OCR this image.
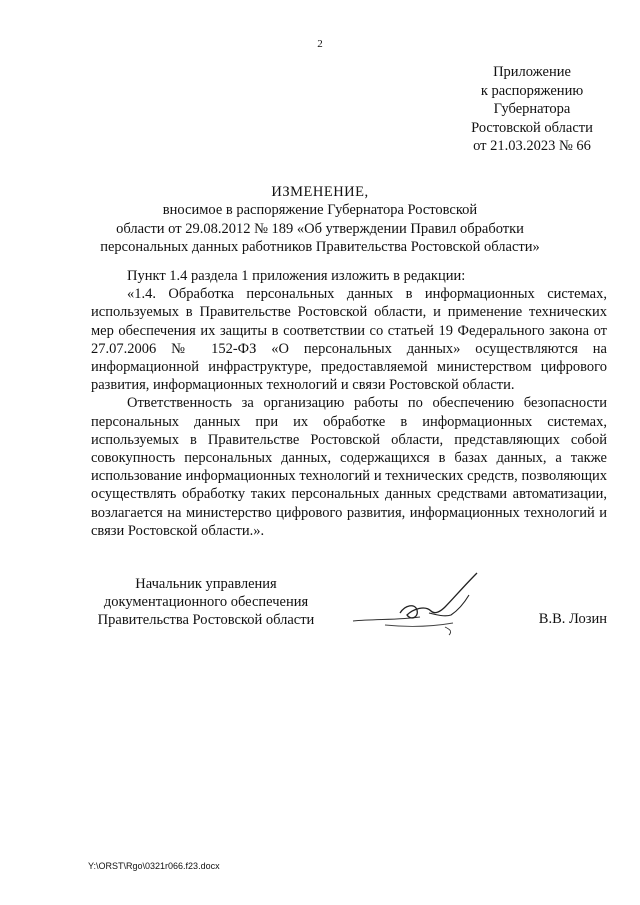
2
Приложение
к распоряжению
Губернатора
Ростовской области
от 21.03.2023 № 66
ИЗМЕНЕНИЕ,
вносимое в распоряжение Губернатора Ростовской
области от 29.08.2012 № 189 «Об утверждении Правил обработки
персональных данных работников Правительства Ростовской области»

Пункт 1.4 раздела 1 приложения изложить в редакции:

«1.4. Обработка персональных данных в информационных системах, используемых в Правительстве Ростовской области, и применение технических мер обеспечения их защиты в соответствии со статьей 19 Федерального закона от 27.07.2006 № 152-ФЗ «О персональных данных» осуществляются на информационной инфраструктуре, предоставляемой министерством цифрового развития, информационных технологий и связи Ростовской области.

Ответственность за организацию работы по обеспечению безопасности персональных данных при их обработке в информационных системах, используемых в Правительстве Ростовской области, представляющих собой совокупность персональных данных, содержащихся в базах данных, а также использование информационных технологий и технических средств, позволяющих осуществлять обработку таких персональных данных средствами автоматизации, возлагается на министерство цифрового развития, информационных технологий и связи Ростовской области.».

Начальник управления
документационного обеспечения
Правительства Ростовской области	В.В. Лозин
Y:\ORST\Rgo\0321r066.f23.docx
